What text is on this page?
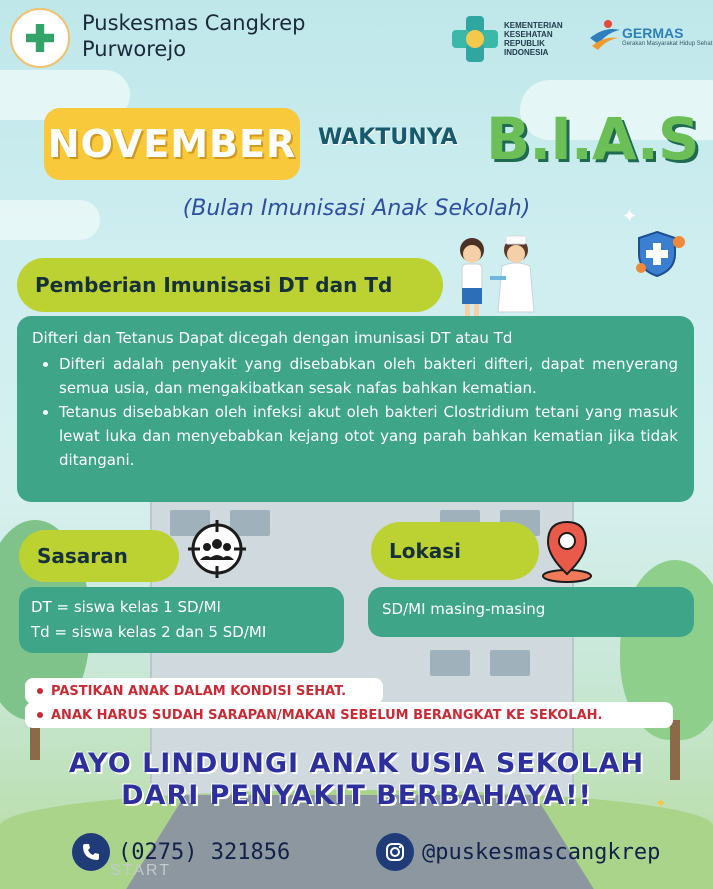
START
Puskesmas Cangkrep
Purworejo
KEMENTERIAN KESEHATAN REPUBLIK INDONESIA
GERMAS
Gerakan Masyarakat Hidup Sehat
NOVEMBER WAKTUNYA B.I.A.S
(Bulan Imunisasi Anak Sekolah)	✦
✦
Pemberian Imunisasi DT dan Td

Difteri dan Tetanus Dapat dicegah dengan imunisasi DT atau Td

• Difteri adalah penyakit yang disebabkan oleh bakteri difteri, dapat menyerang semua usia, dan mengakibatkan sesak nafas bahkan kematian.
• Tetanus disebabkan oleh infeksi akut oleh bakteri Clostridium tetani yang masuk lewat luka dan menyebabkan kejang otot yang parah bahkan kematian jika tidak ditangani.
Sasaran
DT = siswa kelas 1 SD/MI
Td = siswa kelas 2 dan 5 SD/MI
Lokasi
SD/MI masing-masing
PASTIKAN ANAK DALAM KONDISI SEHAT.
ANAK HARUS SUDAH SARAPAN/MAKAN SEBELUM BERANGKAT KE SEKOLAH.
AYO LINDUNGI ANAK USIA SEKOLAH
DARI PENYAKIT BERBAHAYA!!
(0275) 321856	@puskesmascangkrep
